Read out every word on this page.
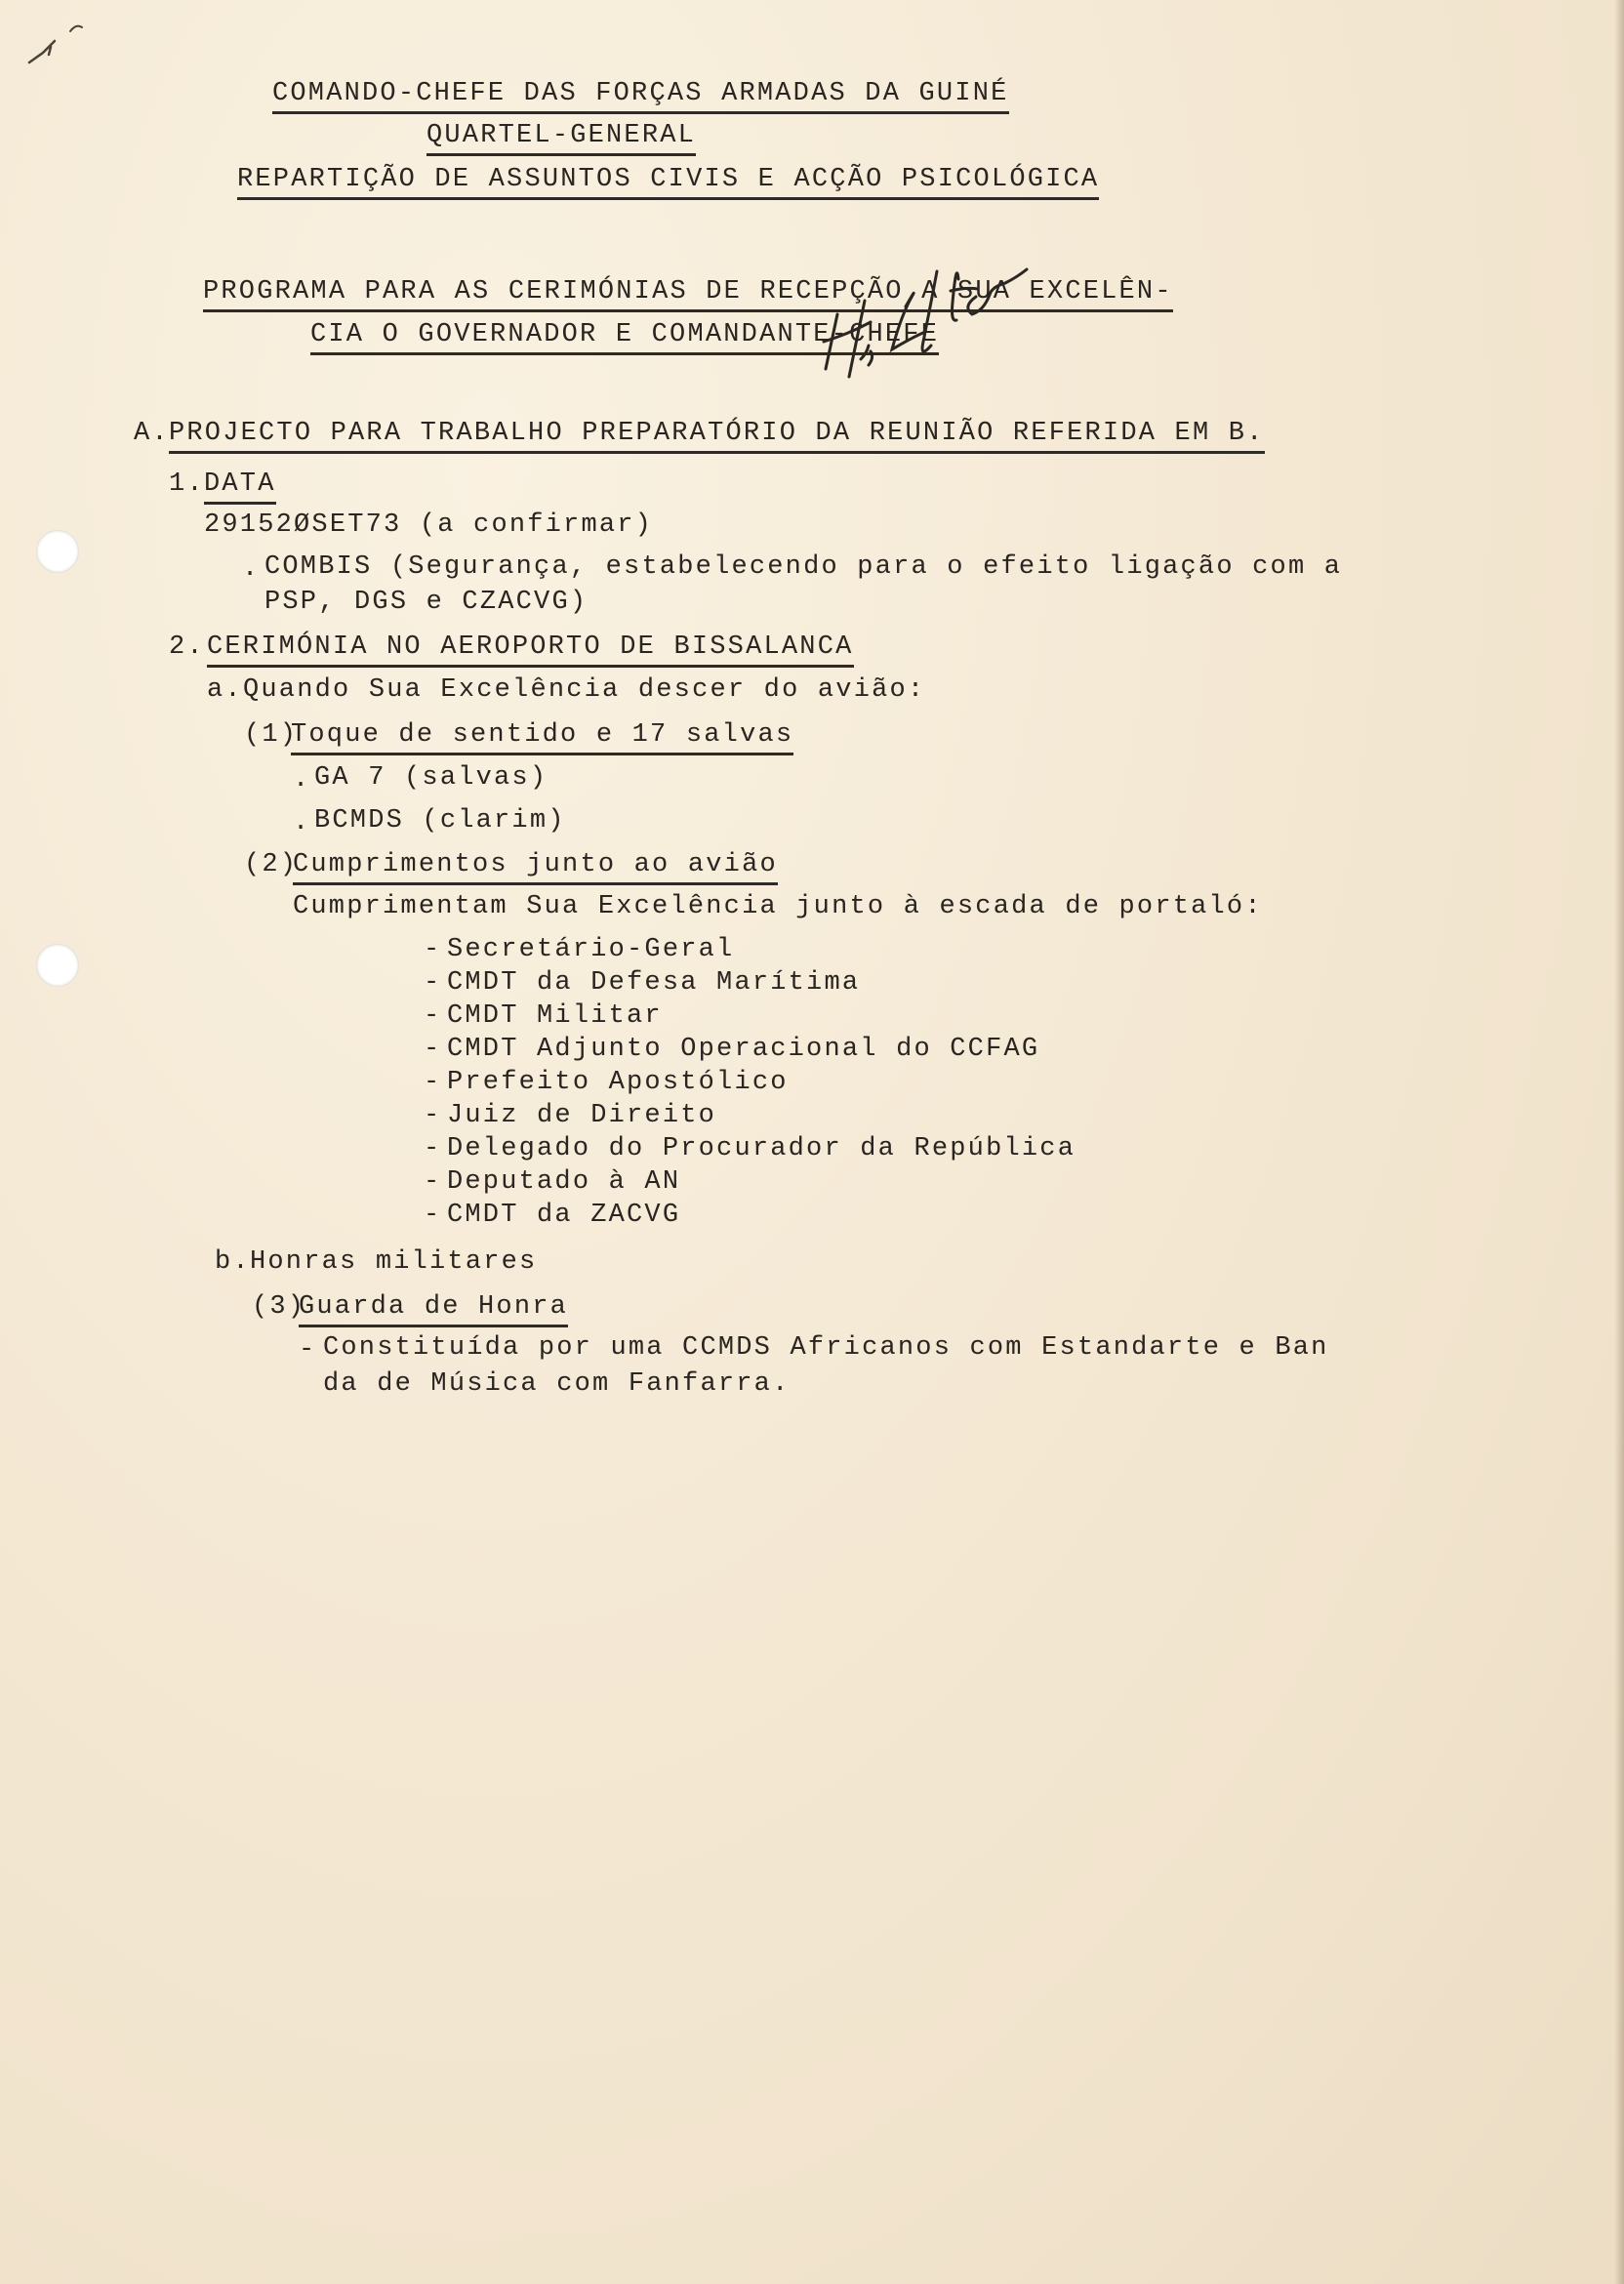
COMANDO-CHEFE DAS FORÇAS ARMADAS DA GUINÉ
QUARTEL-GENERAL
REPARTIÇÃO DE ASSUNTOS CIVIS E ACÇÃO PSICOLÓGICA
PROGRAMA PARA AS CERIMÓNIAS DE RECEPÇÃO A SUA EXCELÊN-
CIA O GOVERNADOR E COMANDANTE-CHEFE
A. PROJECTO PARA TRABALHO PREPARATÓRIO DA REUNIÃO REFERIDA EM B.
1. DATA
29152ØSET73 (a confirmar)
. COMBIS (Segurança, estabelecendo para o efeito ligação com a
PSP, DGS e CZACVG)
2. CERIMÓNIA NO AEROPORTO DE BISSALANCA
a. Quando Sua Excelência descer do avião:
(1)
Toque de sentido e 17 salvas
. GA 7 (salvas)
. BCMDS (clarim)
(2)
Cumprimentos junto ao avião
Cumprimentam Sua Excelência junto à escada de portaló:
- Secretário-Geral
- CMDT da Defesa Marítima
- CMDT Militar
- CMDT Adjunto Operacional do CCFAG
- Prefeito Apostólico
- Juiz de Direito
- Delegado do Procurador da República
- Deputado à AN
- CMDT da ZACVG
b. Honras militares
(3)
Guarda de Honra
- Constituída por uma CCMDS Africanos com Estandarte e Ban
da de Música com Fanfarra.
